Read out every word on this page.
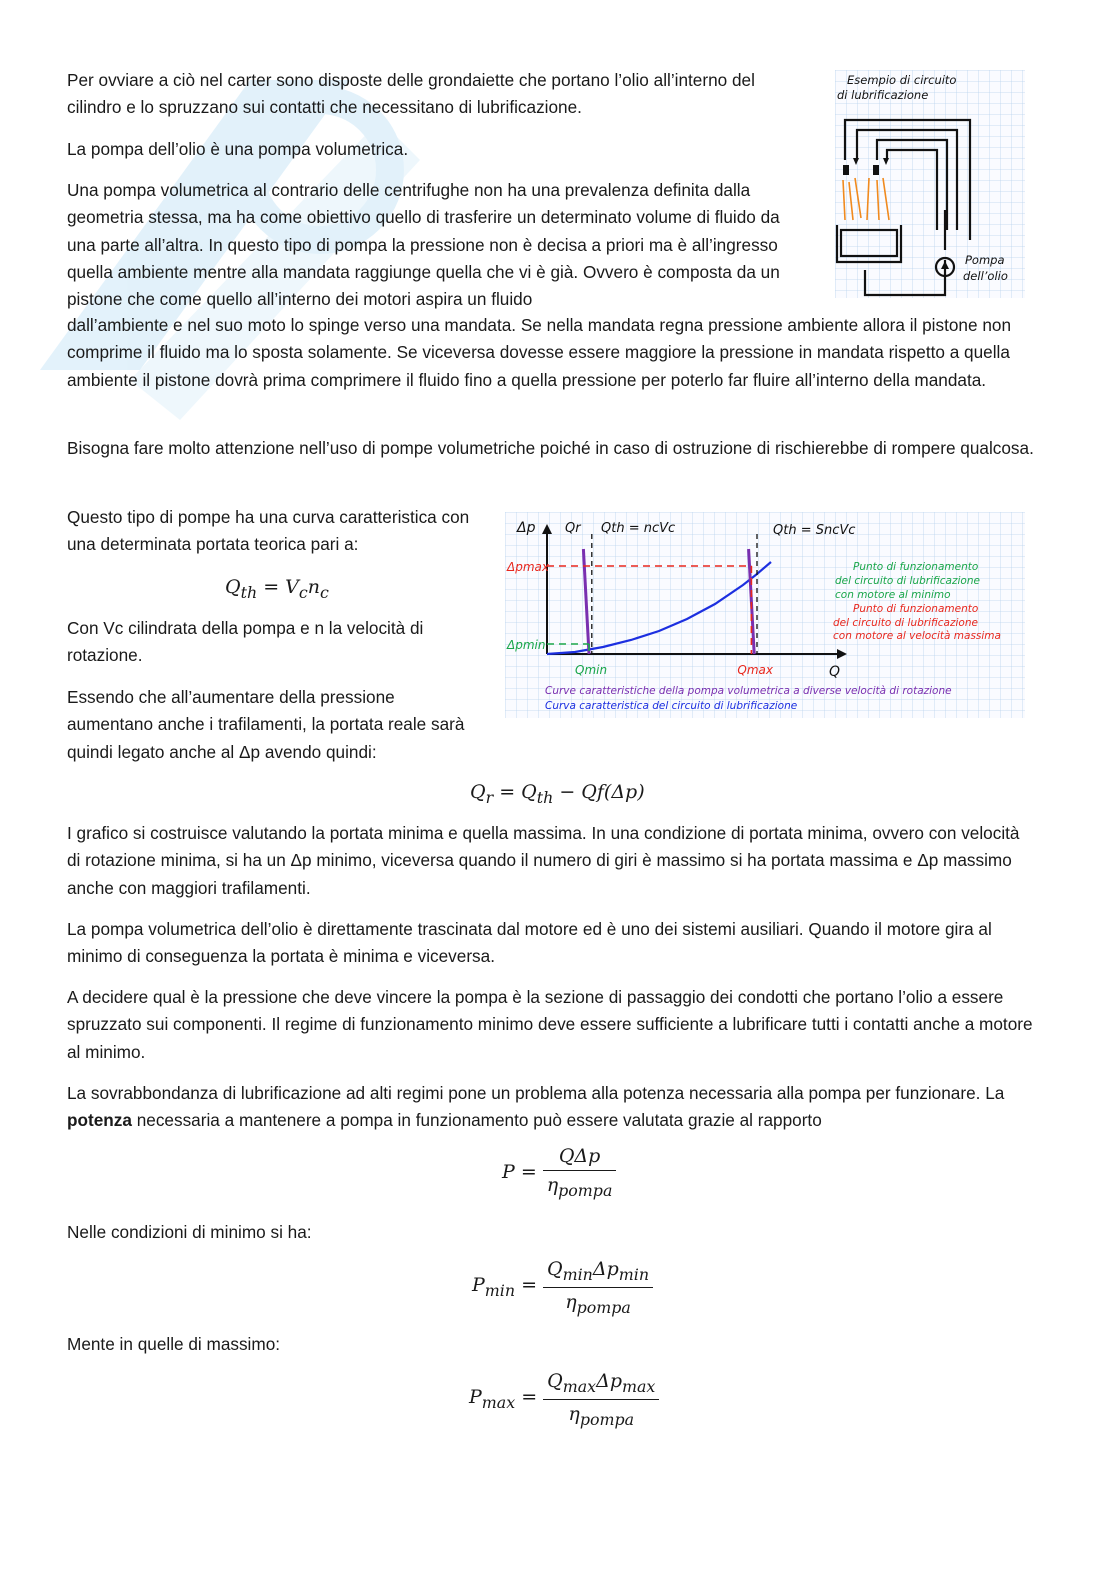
Per ovviare a ciò nel carter sono disposte delle grondaiette che portano l’olio all’interno del cilindro e lo spruzzano sui contatti che necessitano di lubrificazione.

La pompa dell’olio è una pompa volumetrica.

Una pompa volumetrica al contrario delle centrifughe non ha una prevalenza definita dalla geometria stessa, ma ha come obiettivo quello di trasferire un determinato volume di fluido da una parte all’altra. In questo tipo di pompa la pressione non è decisa a priori ma è all’ingresso quella ambiente mentre alla mandata raggiunge quella che vi è già. Ovvero è composta da un pistone che come quello all’interno dei motori aspira un fluido

dall’ambiente e nel suo moto lo spinge verso una mandata. Se nella mandata regna pressione ambiente allora il pistone non comprime il fluido ma lo sposta solamente. Se viceversa dovesse essere maggiore la pressione in mandata rispetto a quella ambiente il pistone dovrà prima comprimere il fluido fino a quella pressione per poterlo far fluire all’interno della mandata.

Esempio di circuito
di lubrificazione
Pompa
dell’olio

Bisogna fare molto attenzione nell’uso di pompe volumetriche poiché in caso di ostruzione di rischierebbe di rompere qualcosa.

Questo tipo di pompe ha una curva caratteristica con una determinata portata teorica pari a:

$Q_{th} = V_cn_c$

Con Vc cilindrata della pompa e n la velocità di rotazione.

Essendo che all’aumentare della pressione aumentano anche i trafilamenti, la portata reale sarà quindi legato anche al Δp avendo quindi:

Δp
Q
Qr Qth = ncVc	Qth = SncVc
Δpmax
Δpmin
Qmin	Qmax
Punto di funzionamento
del circuito di lubrificazione
con motore al minimo
Punto di funzionamento
del circuito di lubrificazione
con motore al velocità massima
Curve caratteristiche della pompa volumetrica a diverse velocità di rotazione
Curva caratteristica del circuito di lubrificazione
$Q_r = Q_{th} - Qf(\Delta p)$

I grafico si costruisce valutando la portata minima e quella massima. In una condizione di portata minima, ovvero con velocità di rotazione minima, si ha un Δp minimo, viceversa quando il numero di giri è massimo si ha portata massima e Δp massimo anche con maggiori trafilamenti.

La pompa volumetrica dell’olio è direttamente trascinata dal motore ed è uno dei sistemi ausiliari. Quando il motore gira al minimo di conseguenza la portata è minima e viceversa.

A decidere qual è la pressione che deve vincere la pompa è la sezione di passaggio dei condotti che portano l’olio a essere spruzzato sui componenti. Il regime di funzionamento minimo deve essere sufficiente a lubrificare tutti i contatti anche a motore al minimo.

La sovrabbondanza di lubrificazione ad alti regimi pone un problema alla potenza necessaria alla pompa per funzionare. La potenza necessaria a mantenere a pompa in funzionamento può essere valutata grazie al rapporto

$P = \frac{\text{QΔp}}{\eta_{pompa}}$

Nelle condizioni di minimo si ha:

$P_{min} = \frac{Q_{min}\Delta p_{min}}{\eta_{pompa}}$

Mente in quelle di massimo:

$P_{max} = \frac{Q_{max}\Delta p_{max}}{\eta_{pompa}}$
